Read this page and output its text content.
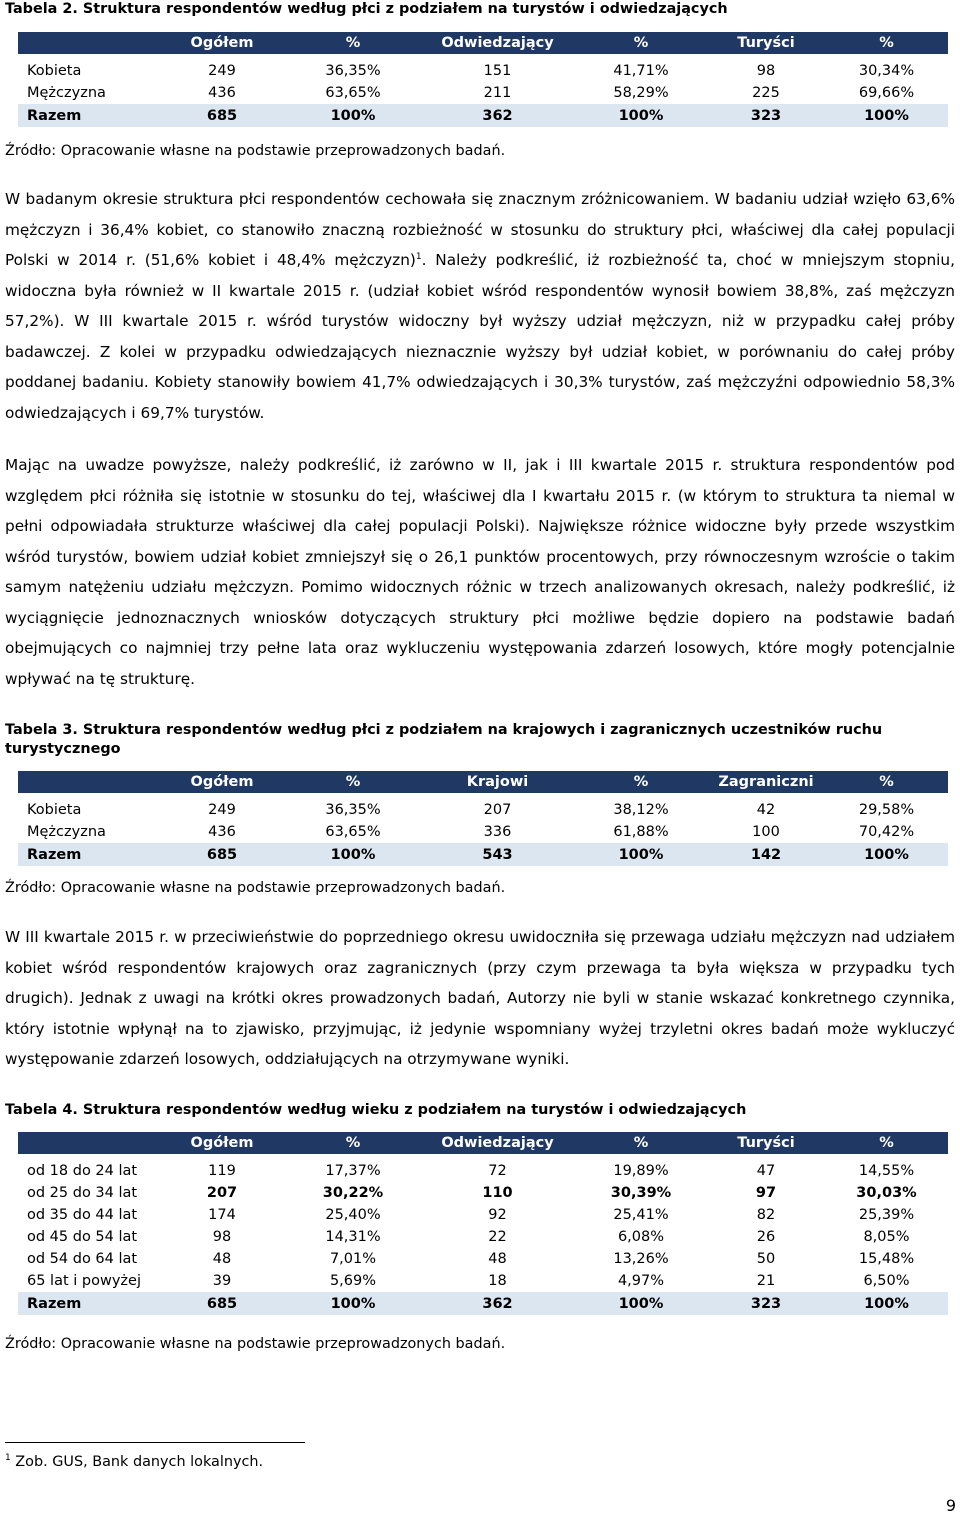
Tabela 2. Struktura respondentów według płci z podziałem na turystów i odwiedzających
	Ogółem	%	Odwiedzający	%	Turyści	%

Kobieta	249	36,35%	151	41,71%	98	30,34%
Mężczyzna	436	63,65%	211	58,29%	225	69,66%
Razem	685	100%	362	100%	323	100%
Źródło: Opracowanie własne na podstawie przeprowadzonych badań.

W badanym okresie struktura płci respondentów cechowała się znacznym zróżnicowaniem. W badaniu udział wzięło 63,6% mężczyzn i 36,4% kobiet, co stanowiło znaczną rozbieżność w stosunku do struktury płci, właściwej dla całej populacji Polski w 2014 r. (51,6% kobiet i 48,4% mężczyzn)$^1$. Należy podkreślić, iż rozbieżność ta, choć w mniejszym stopniu, widoczna była również w II kwartale 2015 r. (udział kobiet wśród respondentów wynosił bowiem 38,8%, zaś mężczyzn 57,2%). W III kwartale 2015 r. wśród turystów widoczny był wyższy udział mężczyzn, niż w przypadku całej próby badawczej. Z kolei w przypadku odwiedzających nieznacznie wyższy był udział kobiet, w porównaniu do całej próby poddanej badaniu. Kobiety stanowiły bowiem 41,7% odwiedzających i 30,3% turystów, zaś mężczyźni odpowiednio 58,3% odwiedzających i 69,7% turystów.

Mając na uwadze powyższe, należy podkreślić, iż zarówno w II, jak i III kwartale 2015 r. struktura respondentów pod względem płci różniła się istotnie w stosunku do tej, właściwej dla I kwartału 2015 r. (w którym to struktura ta niemal w pełni odpowiadała strukturze właściwej dla całej populacji Polski). Największe różnice widoczne były przede wszystkim wśród turystów, bowiem udział kobiet zmniejszył się o 26,1 punktów procentowych, przy równoczesnym wzroście o takim samym natężeniu udziału mężczyzn. Pomimo widocznych różnic w trzech analizowanych okresach, należy podkreślić, iż wyciągnięcie jednoznacznych wniosków dotyczących struktury płci możliwe będzie dopiero na podstawie badań obejmujących co najmniej trzy pełne lata oraz wykluczeniu występowania zdarzeń losowych, które mogły potencjalnie wpływać na tę strukturę.

Tabela 3. Struktura respondentów według płci z podziałem na krajowych i zagranicznych uczestników ruchu turystycznego
	Ogółem	%	Krajowi	%	Zagraniczni	%

Kobieta	249	36,35%	207	38,12%	42	29,58%
Mężczyzna	436	63,65%	336	61,88%	100	70,42%
Razem	685	100%	543	100%	142	100%
Źródło: Opracowanie własne na podstawie przeprowadzonych badań.

W III kwartale 2015 r. w przeciwieństwie do poprzedniego okresu uwidoczniła się przewaga udziału mężczyzn nad udziałem kobiet wśród respondentów krajowych oraz zagranicznych (przy czym przewaga ta była większa w przypadku tych drugich). Jednak z uwagi na krótki okres prowadzonych badań, Autorzy nie byli w stanie wskazać konkretnego czynnika, który istotnie wpłynął na to zjawisko, przyjmując, iż jedynie wspomniany wyżej trzyletni okres badań może wykluczyć występowanie zdarzeń losowych, oddziałujących na otrzymywane wyniki.

Tabela 4. Struktura respondentów według wieku z podziałem na turystów i odwiedzających
	Ogółem	%	Odwiedzający	%	Turyści	%

od 18 do 24 lat	119	17,37%	72	19,89%	47	14,55%
od 25 do 34 lat	207	30,22%	110	30,39%	97	30,03%
od 35 do 44 lat	174	25,40%	92	25,41%	82	25,39%
od 45 do 54 lat	98	14,31%	22	6,08%	26	8,05%
od 54 do 64 lat	48	7,01%	48	13,26%	50	15,48%
65 lat i powyżej	39	5,69%	18	4,97%	21	6,50%
Razem	685	100%	362	100%	323	100%
Źródło: Opracowanie własne na podstawie przeprowadzonych badań.
$^1$ Zob. GUS, Bank danych lokalnych.
9
